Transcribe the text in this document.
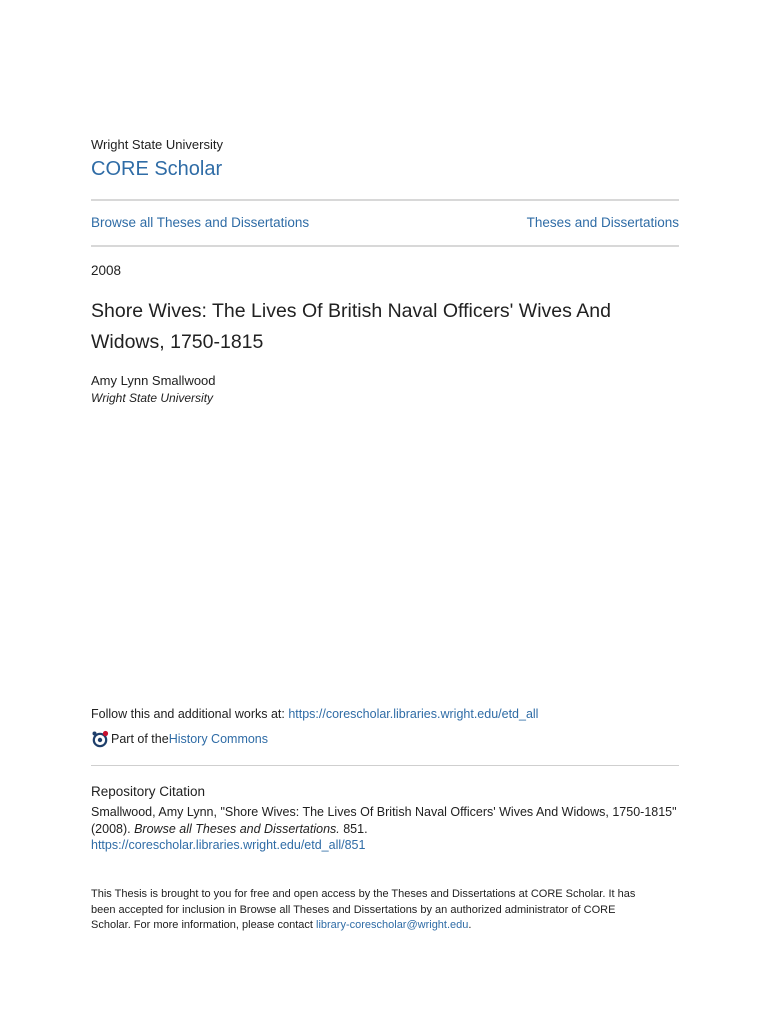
Wright State University
CORE Scholar
Browse all Theses and Dissertations	Theses and Dissertations
2008
Shore Wives: The Lives Of British Naval Officers' Wives And Widows, 1750-1815
Amy Lynn Smallwood
Wright State University
Follow this and additional works at: https://corescholar.libraries.wright.edu/etd_all
Part of the History Commons
Repository Citation
Smallwood, Amy Lynn, "Shore Wives: The Lives Of British Naval Officers' Wives And Widows, 1750-1815" (2008). Browse all Theses and Dissertations. 851.
https://corescholar.libraries.wright.edu/etd_all/851
This Thesis is brought to you for free and open access by the Theses and Dissertations at CORE Scholar. It has been accepted for inclusion in Browse all Theses and Dissertations by an authorized administrator of CORE Scholar. For more information, please contact library-corescholar@wright.edu.
